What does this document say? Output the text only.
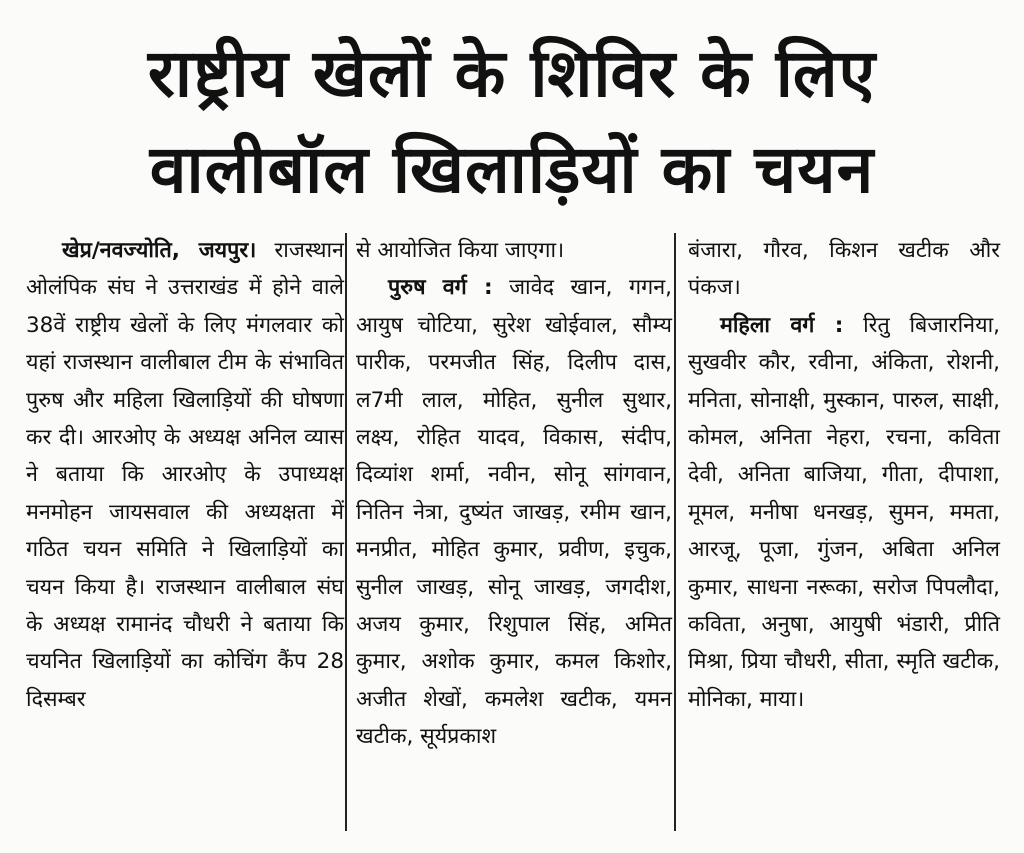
राष्ट्रीय खेलों के शिविर के लिए
वालीबॉल खिलाड़ियों का चयन

खेप्र/नवज्योति, जयपुर। राजस्थान ओलंपिक संघ ने उत्तराखंड में होने वाले 38वें राष्ट्रीय खेलों के लिए मंगलवार को यहां राजस्थान वालीबाल टीम के संभावित पुरुष और महिला खिलाड़ियों की घोषणा कर दी। आरओए के अध्यक्ष अनिल व्यास ने बताया कि आरओए के उपाध्यक्ष मनमोहन जायसवाल की अध्यक्षता में गठित चयन समिति ने खिलाड़ियों का चयन किया है। राजस्थान वालीबाल संघ के अध्यक्ष रामानंद चौधरी ने बताया कि चयनित खिलाड़ियों का कोचिंग कैंप 28 दिसम्बर

से आयोजित किया जाएगा।

पुरुष वर्ग : जावेद खान, गगन, आयुष चोटिया, सुरेश खोईवाल, सौम्य पारीक, परमजीत सिंह, दिलीप दास, ल7मी लाल, मोहित, सुनील सुथार, लक्ष्य, रोहित यादव, विकास, संदीप, दिव्यांश शर्मा, नवीन, सोनू सांगवान, नितिन नेत्रा, दुष्यंत जाखड़, रमीम खान, मनप्रीत, मोहित कुमार, प्रवीण, इचुक, सुनील जाखड़, सोनू जाखड़, जगदीश, अजय कुमार, रिशुपाल सिंह, अमित कुमार, अशोक कुमार, कमल किशोर, अजीत शेखों, कमलेश खटीक, यमन खटीक, सूर्यप्रकाश

बंजारा, गौरव, किशन खटीक और पंकज।

महिला वर्ग : रितु बिजारनिया, सुखवीर कौर, रवीना, अंकिता, रोशनी, मनिता, सोनाक्षी, मुस्कान, पारुल, साक्षी, कोमल, अनिता नेहरा, रचना, कविता देवी, अनिता बाजिया, गीता, दीपाशा, मूमल, मनीषा धनखड़, सुमन, ममता, आरजू, पूजा, गुंजन, अबिता अनिल कुमार, साधना नरूका, सरोज पिपलौदा, कविता, अनुषा, आयुषी भंडारी, प्रीति मिश्रा, प्रिया चौधरी, सीता, स्मृति खटीक, मोनिका, माया।
